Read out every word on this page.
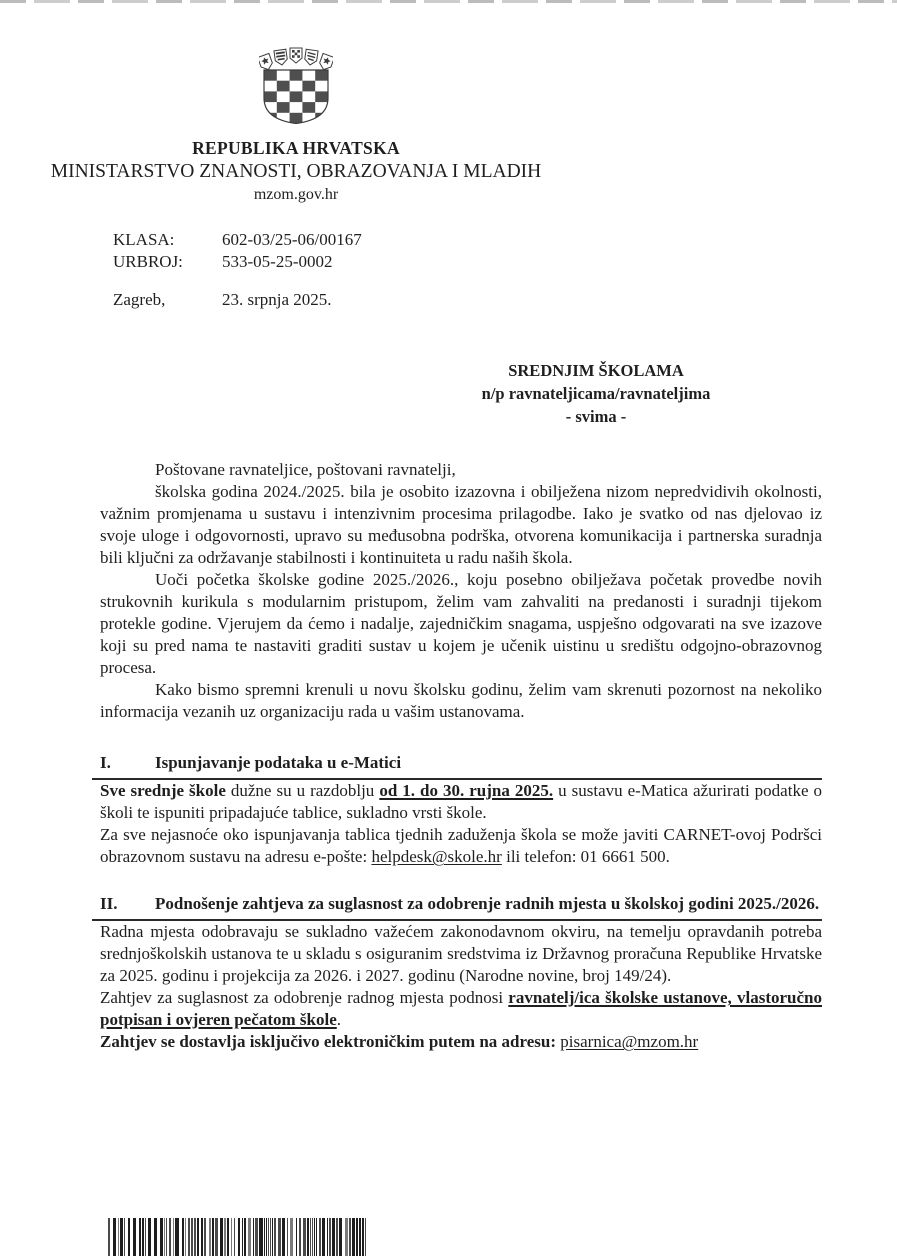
REPUBLIKA HRVATSKA
MINISTARSTVO ZNANOSTI, OBRAZOVANJA I MLADIH
mzom.gov.hr
KLASA:	602-03/25-06/00167
URBROJ:	533-05-25-0002
Zagreb,	23. srpnja 2025.
SREDNJIM ŠKOLAMA
n/p ravnateljicama/ravnateljima
- svima -

Poštovane ravnateljice, poštovani ravnatelji,

školska godina 2024./2025. bila je osobito izazovna i obilježena nizom nepredvidivih okolnosti, važnim promjenama u sustavu i intenzivnim procesima prilagodbe. Iako je svatko od nas djelovao iz svoje uloge i odgovornosti, upravo su međusobna podrška, otvorena komunikacija i partnerska suradnja bili ključni za održavanje stabilnosti i kontinuiteta u radu naših škola.

Uoči početka školske godine 2025./2026., koju posebno obilježava početak provedbe novih strukovnih kurikula s modularnim pristupom, želim vam zahvaliti na predanosti i suradnji tijekom protekle godine. Vjerujem da ćemo i nadalje, zajedničkim snagama, uspješno odgovarati na sve izazove koji su pred nama te nastaviti graditi sustav u kojem je učenik uistinu u središtu odgojno-obrazovnog procesa.

Kako bismo spremni krenuli u novu školsku godinu, želim vam skrenuti pozornost na nekoliko informacija vezanih uz organizaciju rada u vašim ustanovama.

I.	Ispunjavanje podataka u e-Matici

Sve srednje škole dužne su u razdoblju od 1. do 30. rujna 2025. u sustavu e-Matica ažurirati podatke o školi te ispuniti pripadajuće tablice, sukladno vrsti škole.

Za sve nejasnoće oko ispunjavanja tablica tjednih zaduženja škola se može javiti CARNET-ovoj Podršci obrazovnom sustavu na adresu e-pošte: helpdesk@skole.hr ili telefon: 01 6661 500.

II. Podnošenje zahtjeva za suglasnost za odobrenje radnih mjesta u školskoj godini 2025./2026.

Radna mjesta odobravaju se sukladno važećem zakonodavnom okviru, na temelju opravdanih potreba srednjoškolskih ustanova te u skladu s osiguranim sredstvima iz Državnog proračuna Republike Hrvatske za 2025. godinu i projekcija za 2026. i 2027. godinu (Narodne novine, broj 149/24).

Zahtjev za suglasnost za odobrenje radnog mjesta podnosi ravnatelj/ica školske ustanove, vlastoručno potpisan i ovjeren pečatom škole.

Zahtjev se dostavlja isključivo elektroničkim putem na adresu: pisarnica@mzom.hr
